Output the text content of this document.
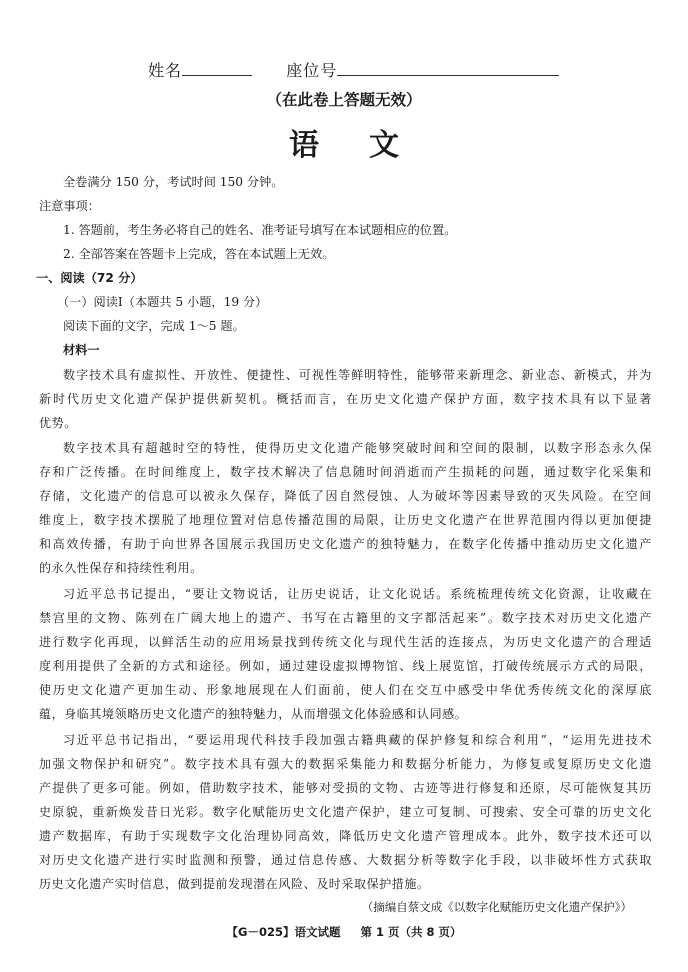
姓名	座位号
（在此卷上答题无效）
语文
全卷满分 150 分，考试时间 150 分钟。
注意事项：
1. 答题前，考生务必将自己的姓名、准考证号填写在本试题相应的位置。
2. 全部答案在答题卡上完成，答在本试题上无效。
一、阅读（72 分）
（一）阅读Ⅰ（本题共 5 小题，19 分）
阅读下面的文字，完成 1～5 题。
材料一
数字技术具有虚拟性、开放性、便捷性、可视性等鲜明特性，能够带来新理念、新业态、新模式，并为
新时代历史文化遗产保护提供新契机。概括而言，在历史文化遗产保护方面，数字技术具有以下显著
优势。
数字技术具有超越时空的特性，使得历史文化遗产能够突破时间和空间的限制，以数字形态永久保
存和广泛传播。在时间维度上，数字技术解决了信息随时间消逝而产生损耗的问题，通过数字化采集和
存储，文化遗产的信息可以被永久保存，降低了因自然侵蚀、人为破坏等因素导致的灭失风险。在空间
维度上，数字技术摆脱了地理位置对信息传播范围的局限，让历史文化遗产在世界范围内得以更加便捷
和高效传播，有助于向世界各国展示我国历史文化遗产的独特魅力，在数字化传播中推动历史文化遗产
的永久性保存和持续性利用。
习近平总书记提出，“要让文物说话，让历史说话，让文化说话。系统梳理传统文化资源，让收藏在
禁宫里的文物、陈列在广阔大地上的遗产、书写在古籍里的文字都活起来”。数字技术对历史文化遗产
进行数字化再现，以鲜活生动的应用场景找到传统文化与现代生活的连接点，为历史文化遗产的合理适
度利用提供了全新的方式和途径。例如，通过建设虚拟博物馆、线上展览馆，打破传统展示方式的局限，
使历史文化遗产更加生动、形象地展现在人们面前，使人们在交互中感受中华优秀传统文化的深厚底
蕴，身临其境领略历史文化遗产的独特魅力，从而增强文化体验感和认同感。
习近平总书记指出，“要运用现代科技手段加强古籍典藏的保护修复和综合利用”，“运用先进技术
加强文物保护和研究”。数字技术具有强大的数据采集能力和数据分析能力，为修复或复原历史文化遗
产提供了更多可能。例如，借助数字技术，能够对受损的文物、古迹等进行修复和还原，尽可能恢复其历
史原貌，重新焕发昔日光彩。数字化赋能历史文化遗产保护，建立可复制、可搜索、安全可靠的历史文化
遗产数据库，有助于实现数字文化治理协同高效，降低历史文化遗产管理成本。此外，数字技术还可以
对历史文化遗产进行实时监测和预警，通过信息传感、大数据分析等数字化手段，以非破坏性方式获取
历史文化遗产实时信息，做到提前发现潜在风险、及时采取保护措施。
（摘编自蔡文成《以数字化赋能历史文化遗产保护》）
【G－025】语文试题 第 1 页（共 8 页）
